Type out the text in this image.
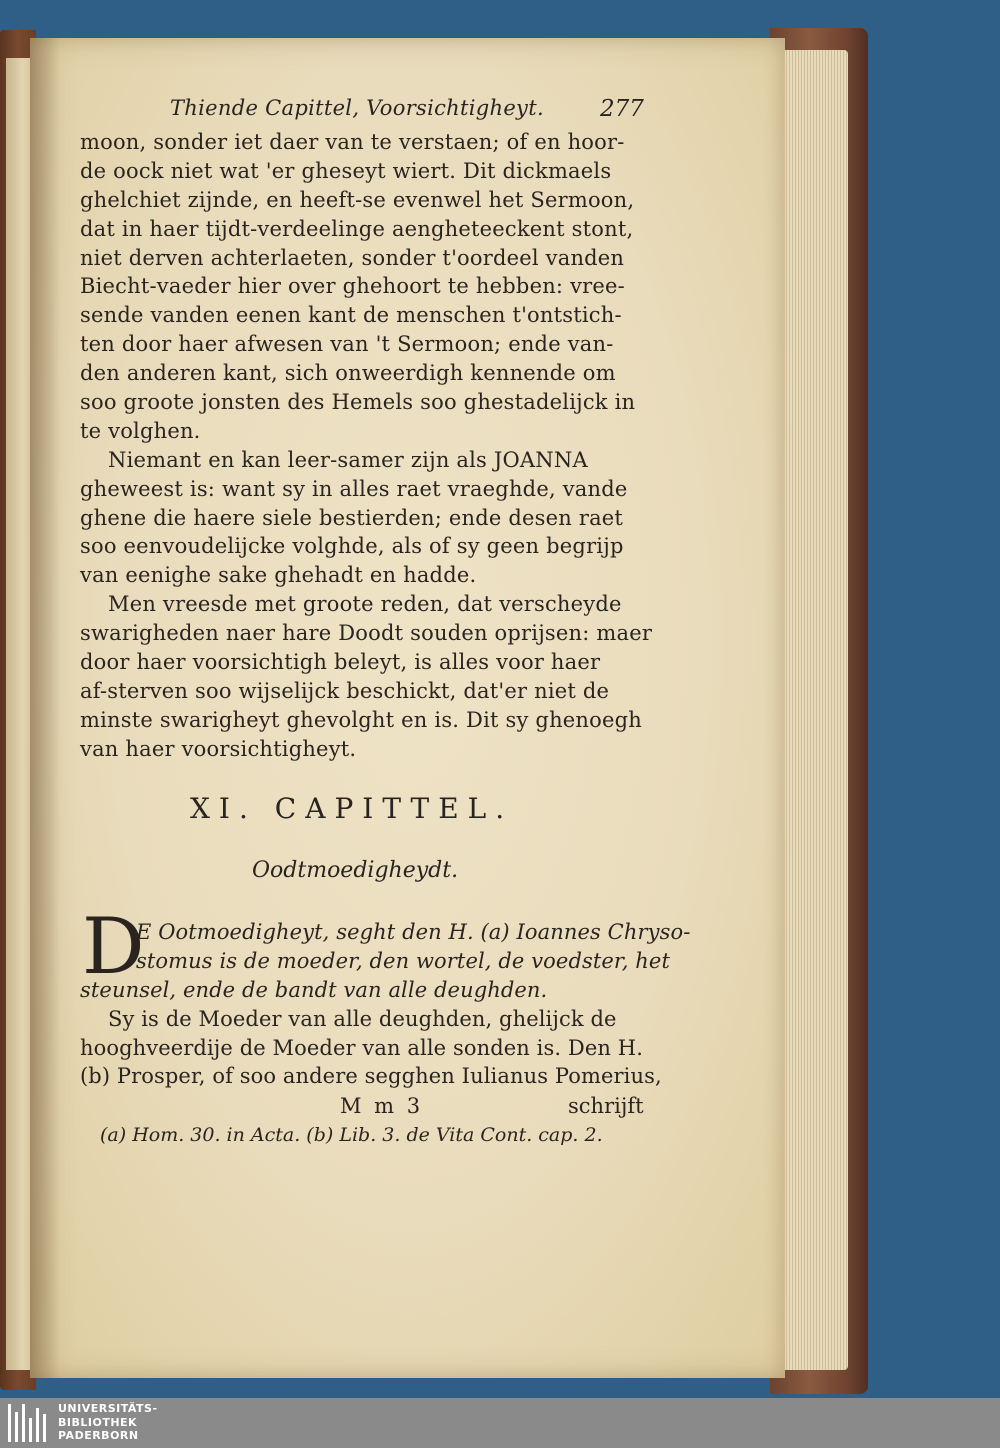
Thiende Capittel, Voorsichtigheyt.	277
moon, sonder iet daer van te verstaen; of en hoor-
de oock niet wat 'er gheseyt wiert. Dit dickmaels
ghelchiet zijnde, en heeft-se evenwel het Sermoon,
dat in haer tijdt-verdeelinge aengheteeckent stont,
niet derven achterlaeten, sonder t'oordeel vanden
Biecht-vaeder hier over ghehoort te hebben: vree-
sende vanden eenen kant de menschen t'ontstich-
ten door haer afwesen van 't Sermoon; ende van-
den anderen kant, sich onweerdigh kennende om
soo groote jonsten des Hemels soo ghestadelijck in
te volghen.
Niemant en kan leer-samer zijn als JOANNA
gheweest is: want sy in alles raet vraeghde, vande
ghene die haere siele bestierden; ende desen raet
soo eenvoudelijcke volghde, als of sy geen begrijp
van eenighe sake ghehadt en hadde.
Men vreesde met groote reden, dat verscheyde
swarigheden naer hare Doodt souden oprijsen: maer
door haer voorsichtigh beleyt, is alles voor haer
af-sterven soo wijselijck beschickt, dat'er niet de
minste swarigheyt ghevolght en is. Dit sy ghenoegh
van haer voorsichtigheyt.
XI. CAPITTEL.
Oodtmoedigheydt.
D
E Ootmoedigheyt, seght den H. (a) Ioannes Chryso-
stomus is de moeder, den wortel, de voedster, het
steunsel, ende de bandt van alle deughden.
Sy is de Moeder van alle deughden, ghelijck de
hooghveerdije de Moeder van alle sonden is. Den H.
(b) Prosper, of soo andere segghen Iulianus Pomerius,
M m 3	schrijft
(a) Hom. 30. in Acta. (b) Lib. 3. de Vita Cont. cap. 2.
UNIVERSITÄTS-
BIBLIOTHEK
PADERBORN
